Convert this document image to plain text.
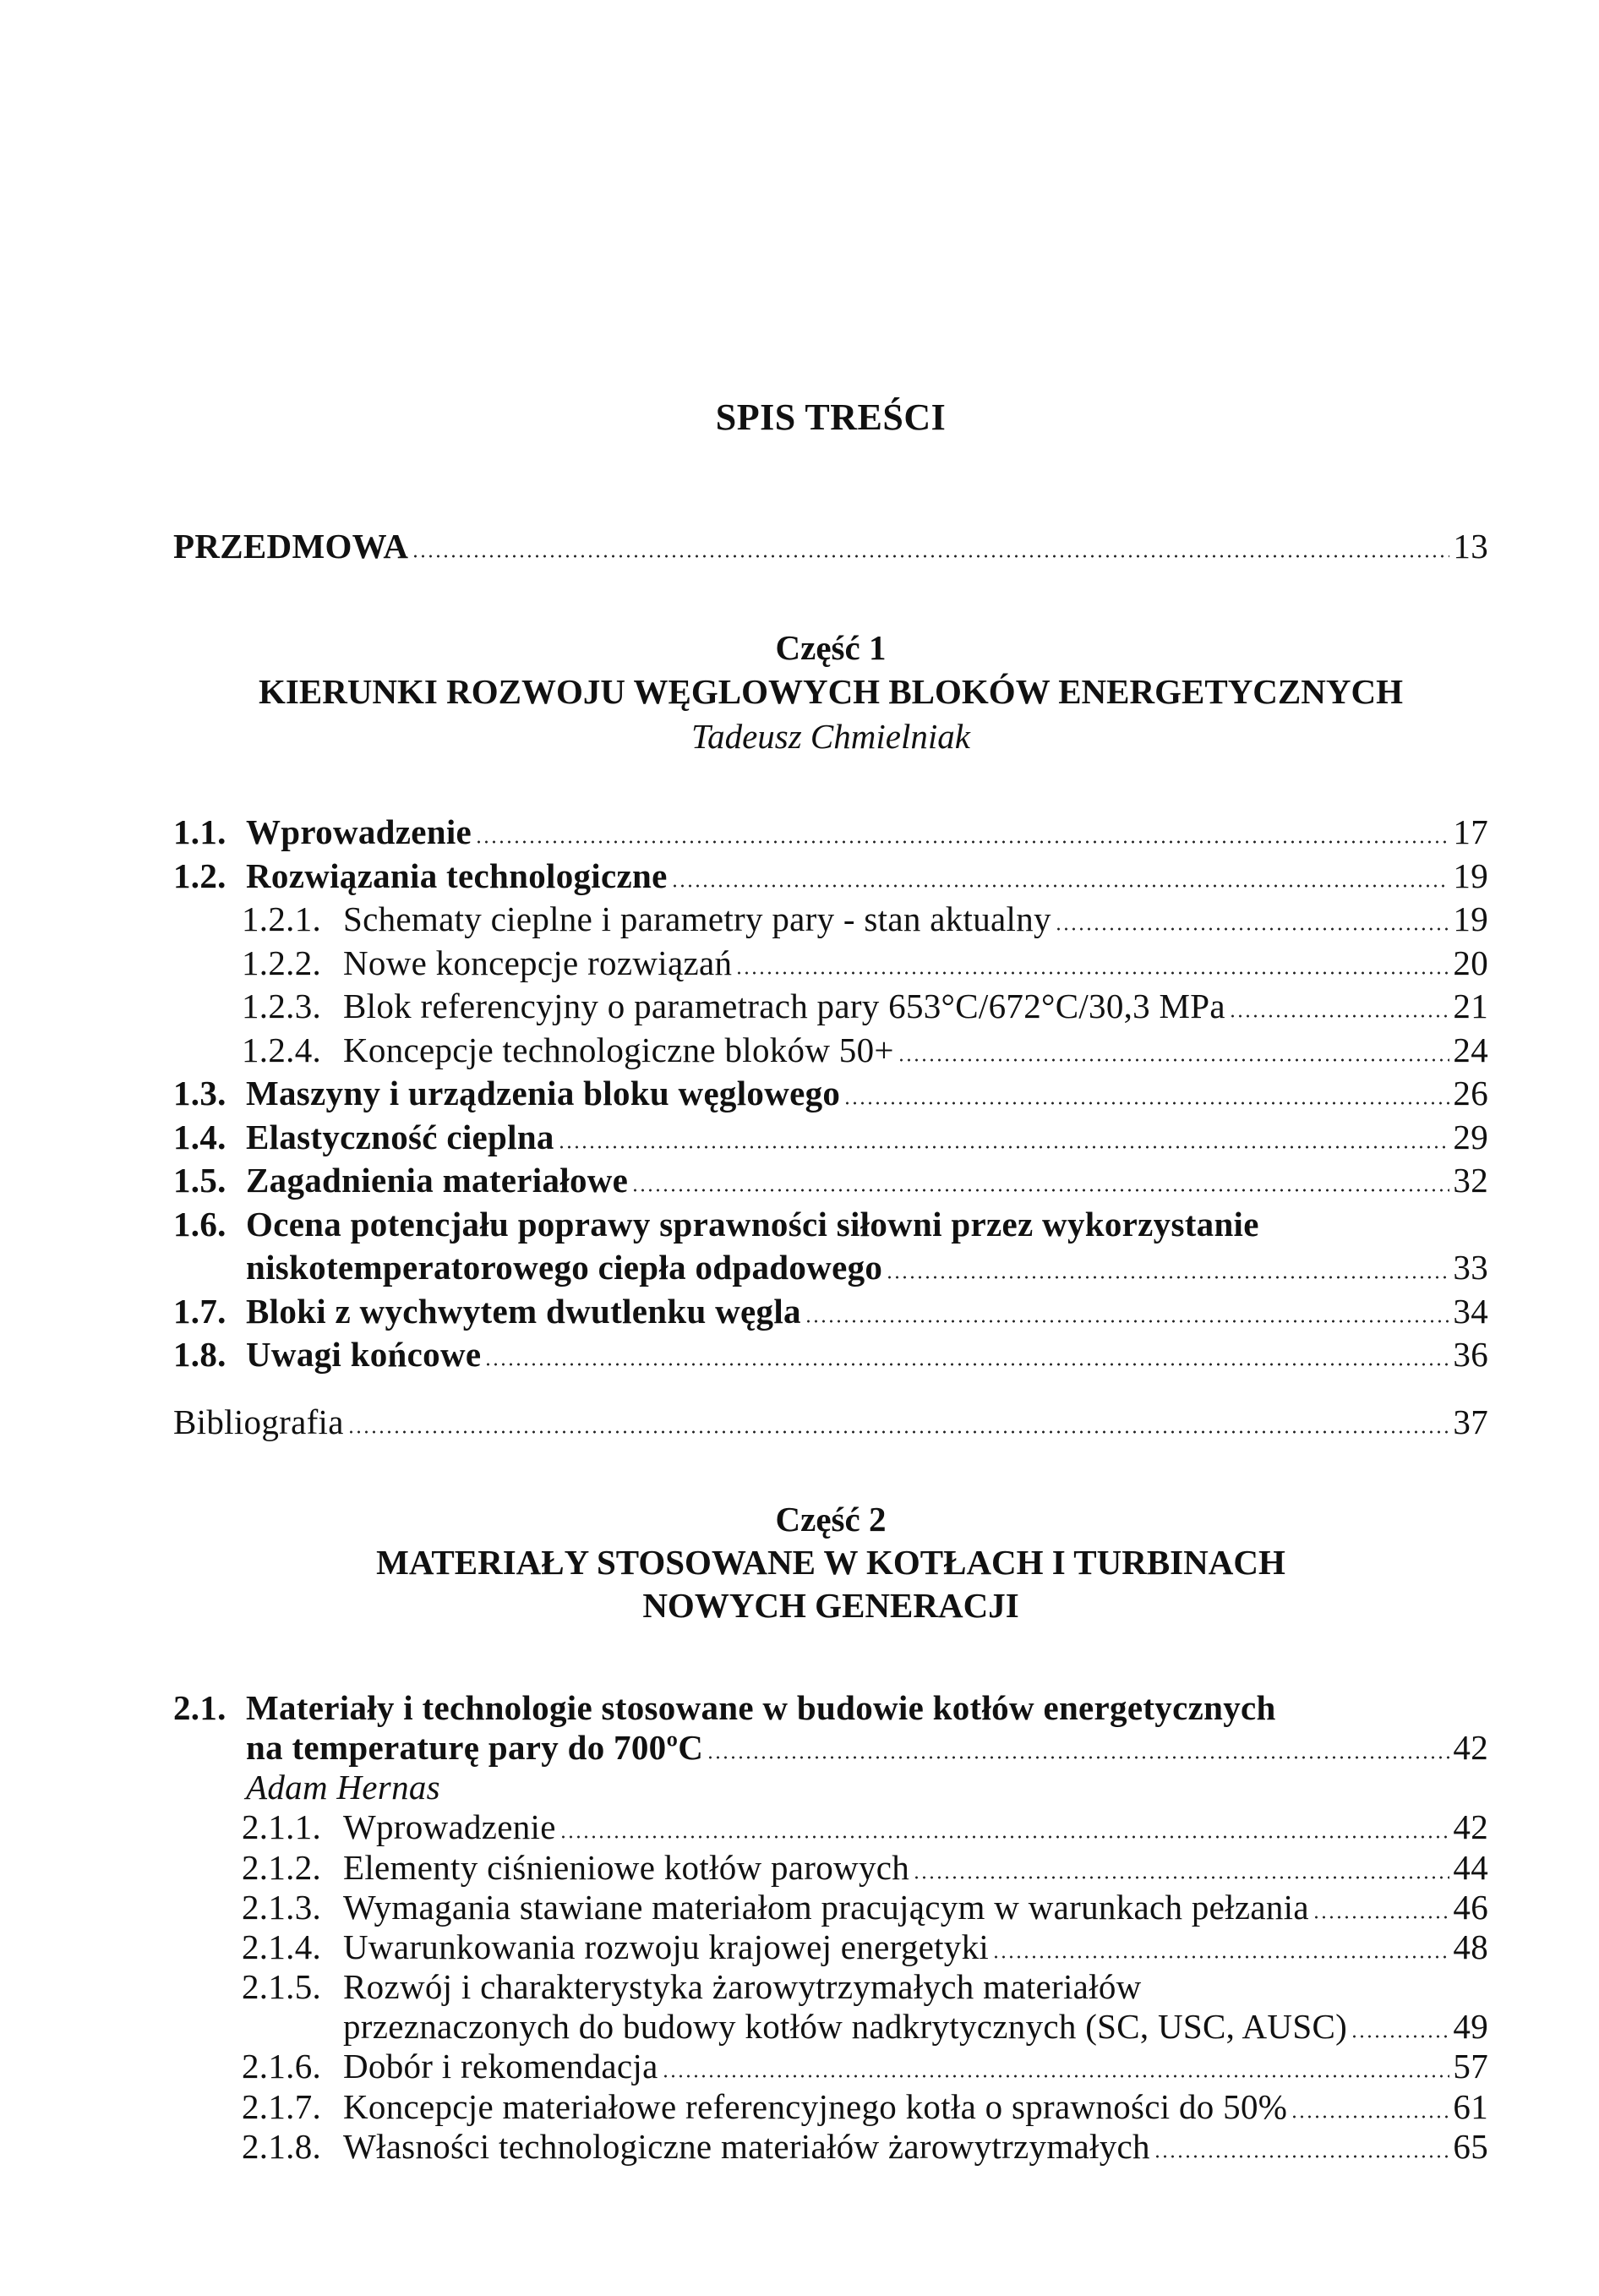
SPIS TREŚCI
PRZEDMOWA	13
Część 1
KIERUNKI ROZWOJU WĘGLOWYCH BLOKÓW ENERGETYCZNYCH
Tadeusz Chmielniak
1.1. Wprowadzenie	17
1.2. Rozwiązania technologiczne	19
1.2.1. Schematy cieplne i parametry pary - stan aktualny	19
1.2.2. Nowe koncepcje rozwiązań	20
1.2.3. Blok referencyjny o parametrach pary 653°C/672°C/30,3 MPa	21
1.2.4. Koncepcje technologiczne bloków 50+	24
1.3. Maszyny i urządzenia bloku węglowego	26
1.4. Elastyczność cieplna	29
1.5. Zagadnienia materiałowe	32
1.6. Ocena potencjału poprawy sprawności siłowni przez wykorzystanie
niskotemperatorowego ciepła odpadowego	33
1.7. Bloki z wychwytem dwutlenku węgla	34
1.8. Uwagi końcowe	36
Bibliografia	37
Część 2
MATERIAŁY STOSOWANE W KOTŁACH I TURBINACH
NOWYCH GENERACJI
2.1. Materiały i technologie stosowane w budowie kotłów energetycznych
na temperaturę pary do 700ºC	42
Adam Hernas
2.1.1. Wprowadzenie	42
2.1.2. Elementy ciśnieniowe kotłów parowych	44
2.1.3. Wymagania stawiane materiałom pracującym w warunkach pełzania	46
2.1.4. Uwarunkowania rozwoju krajowej energetyki	48
2.1.5. Rozwój i charakterystyka żarowytrzymałych materiałów
przeznaczonych do budowy kotłów nadkrytycznych (SC, USC, AUSC)	49
2.1.6. Dobór i rekomendacja	57
2.1.7. Koncepcje materiałowe referencyjnego kotła o sprawności do 50%	61
2.1.8. Własności technologiczne materiałów żarowytrzymałych	65
